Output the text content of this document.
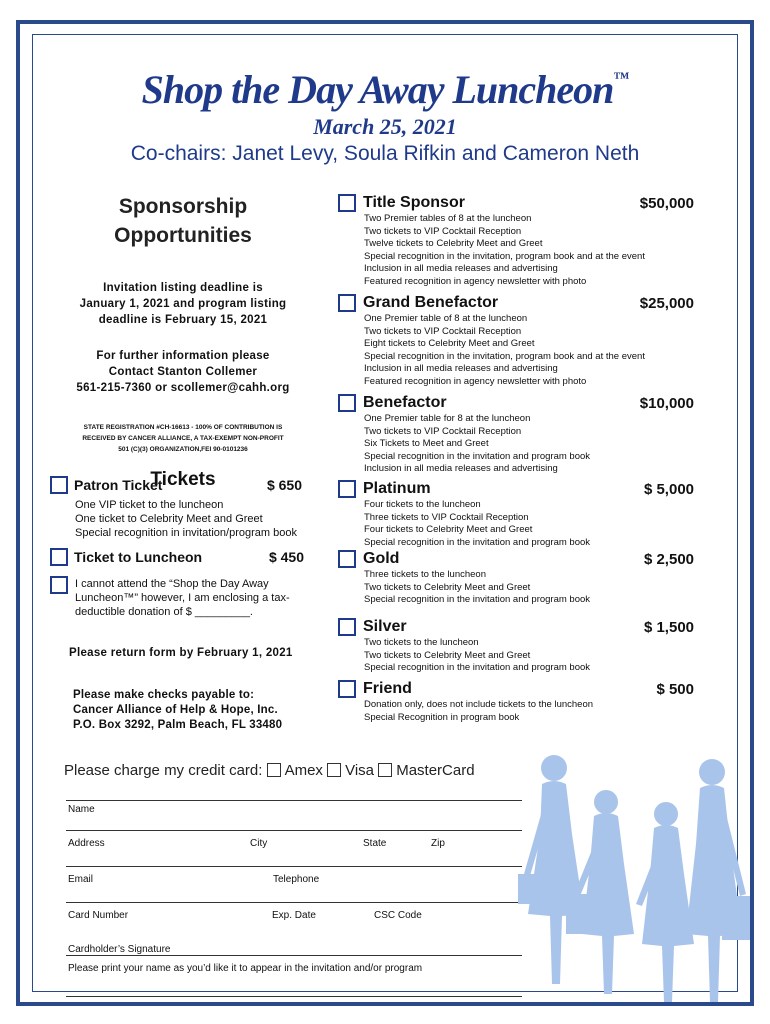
Shop the Day Away Luncheon™
March 25, 2021
Co-chairs: Janet Levy, Soula Rifkin and Cameron Neth
Sponsorship
Opportunities
Invitation listing deadline is
January 1, 2021 and program listing
deadline is February 15, 2021
For further information please
Contact Stanton Collemer
561-215-7360 or scollemer@cahh.org
STATE REGISTRATION #CH-16613 - 100% OF CONTRIBUTION IS
RECEIVED BY CANCER ALLIANCE, A TAX-EXEMPT NON-PROFIT
501 (C)(3) ORGANIZATION,FEI 90-0101236
Tickets
Patron Ticket	$ 650
One VIP ticket to the luncheon
One ticket to Celebrity Meet and Greet
Special recognition in invitation/program book
Ticket to Luncheon	$ 450
I cannot attend the “Shop the Day Away
Luncheon™” however, I am enclosing a tax-
deductible donation of $ _________.
Please return form by February 1, 2021
Please make checks payable to:
Cancer Alliance of Help & Hope, Inc.
P.O. Box 3292, Palm Beach, FL 33480
Title Sponsor	$50,000
Two Premier tables of 8 at the luncheon
Two tickets to VIP Cocktail Reception
Twelve tickets to Celebrity Meet and Greet
Special recognition in the invitation, program book and at the event
Inclusion in all media releases and advertising
Featured recognition in agency newsletter with photo
Grand Benefactor	$25,000
One Premier table of 8 at the luncheon
Two tickets to VIP Cocktail Reception
Eight tickets to Celebrity Meet and Greet
Special recognition in the invitation, program book and at the event
Inclusion in all media releases and advertising
Featured recognition in agency newsletter with photo
Benefactor	$10,000
One Premier table for 8 at the luncheon
Two tickets to VIP Cocktail Reception
Six Tickets to Meet and Greet
Special recognition in the invitation and program book
Inclusion in all media releases and advertising
Platinum	$ 5,000
Four tickets to the luncheon
Three tickets to VIP Cocktail Reception
Four tickets to Celebrity Meet and Greet
Special recognition in the invitation and program book
Gold	$ 2,500
Three tickets to the luncheon
Two tickets to Celebrity Meet and Greet
Special recognition in the invitation and program book
Silver	$ 1,500
Two tickets to the luncheon
Two tickets to Celebrity Meet and Greet
Special recognition in the invitation and program book
Friend	$ 500
Donation only, does not include tickets to the luncheon
Special Recognition in program book
Please charge my credit card: Amex Visa MasterCard
Name
Address	City	State	Zip
Email	Telephone
Card Number	Exp. Date	CSC Code
Cardholder’s Signature
Please print your name as you’d like it to appear in the invitation and/or program
